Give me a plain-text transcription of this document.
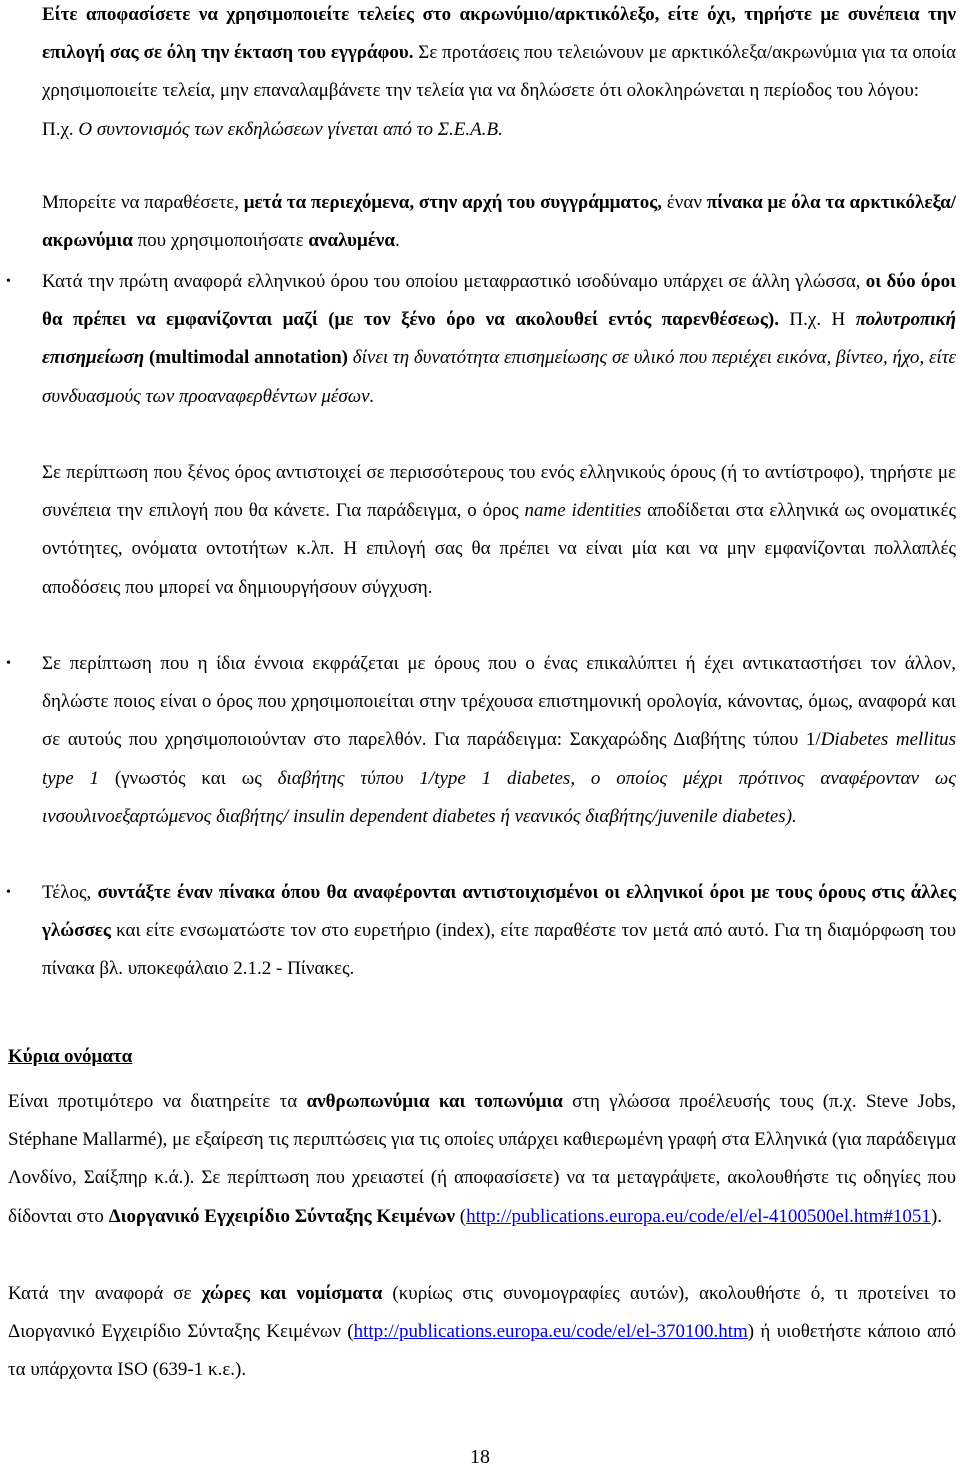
Είτε αποφασίσετε να χρησιμοποιείτε τελείες στο ακρωνύμιο/αρκτικόλεξο, είτε όχι, τηρήστε με συνέπεια την επιλογή σας σε όλη την έκταση του εγγράφου. Σε προτάσεις που τελειώνουν με αρκτικόλεξα/ακρωνύμια για τα οποία χρησιμοποιείτε τελεία, μην επαναλαμβάνετε την τελεία για να δηλώσετε ότι ολοκληρώνεται η περίοδος του λόγου:
Π.χ. Ο συντονισμός των εκδηλώσεων γίνεται από το Σ.Ε.Α.Β.
Μπορείτε να παραθέσετε, μετά τα περιεχόμενα, στην αρχή του συγγράμματος, έναν πίνακα με όλα τα αρκτικόλεξα/ακρωνύμια που χρησιμοποιήσατε αναλυμένα.
• Κατά την πρώτη αναφορά ελληνικού όρου του οποίου μεταφραστικό ισοδύναμο υπάρχει σε άλλη γλώσσα, οι δύο όροι θα πρέπει να εμφανίζονται μαζί (με τον ξένο όρο να ακολουθεί εντός παρενθέσεως). Π.χ. Η πολυτροπική επισημείωση (multimodal annotation) δίνει τη δυνατότητα επισημείωσης σε υλικό που περιέχει εικόνα, βίντεο, ήχο, είτε συνδυασμούς των προαναφερθέντων μέσων.
Σε περίπτωση που ξένος όρος αντιστοιχεί σε περισσότερους του ενός ελληνικούς όρους (ή το αντίστροφο), τηρήστε με συνέπεια την επιλογή που θα κάνετε. Για παράδειγμα, ο όρος name identities αποδίδεται στα ελληνικά ως ονοματικές οντότητες, ονόματα οντοτήτων κ.λπ. Η επιλογή σας θα πρέπει να είναι μία και να μην εμφανίζονται πολλαπλές αποδόσεις που μπορεί να δημιουργήσουν σύγχυση.
• Σε περίπτωση που η ίδια έννοια εκφράζεται με όρους που ο ένας επικαλύπτει ή έχει αντικαταστήσει τον άλλον, δηλώστε ποιος είναι ο όρος που χρησιμοποιείται στην τρέχουσα επιστημονική ορολογία, κάνοντας, όμως, αναφορά και σε αυτούς που χρησιμοποιούνταν στο παρελθόν. Για παράδειγμα: Σακχαρώδης Διαβήτης τύπου 1/Diabetes mellitus type 1 (γνωστός και ως διαβήτης τύπου 1/type 1 diabetes, ο οποίος μέχρι πρότινος αναφέρονταν ως ινσουλινοεξαρτώμενος διαβήτης/ insulin dependent diabetes ή νεανικός διαβήτης/juvenile diabetes).
• Τέλος, συντάξτε έναν πίνακα όπου θα αναφέρονται αντιστοιχισμένοι οι ελληνικοί όροι με τους όρους στις άλλες γλώσσες και είτε ενσωματώστε τον στο ευρετήριο (index), είτε παραθέστε τον μετά από αυτό. Για τη διαμόρφωση του πίνακα βλ. υποκεφάλαιο 2.1.2 - Πίνακες.
Κύρια ονόματα
Είναι προτιμότερο να διατηρείτε τα ανθρωπωνύμια και τοπωνύμια στη γλώσσα προέλευσής τους (π.χ. Steve Jobs, Stéphane Mallarmé), με εξαίρεση τις περιπτώσεις για τις οποίες υπάρχει καθιερωμένη γραφή στα Ελληνικά (για παράδειγμα Λονδίνο, Σαίξπηρ κ.ά.). Σε περίπτωση που χρειαστεί (ή αποφασίσετε) να τα μεταγράψετε, ακολουθήστε τις οδηγίες που δίδονται στο Διοργανικό Εγχειρίδιο Σύνταξης Κειμένων (http://publications.europa.eu/code/el/el-4100500el.htm#1051).
Κατά την αναφορά σε χώρες και νομίσματα (κυρίως στις συνομογραφίες αυτών), ακολουθήστε ό, τι προτείνει το Διοργανικό Εγχειρίδιο Σύνταξης Κειμένων (http://publications.europa.eu/code/el/el-370100.htm) ή υιοθετήστε κάποιο από τα υπάρχοντα ISO (639-1 κ.ε.).
18
